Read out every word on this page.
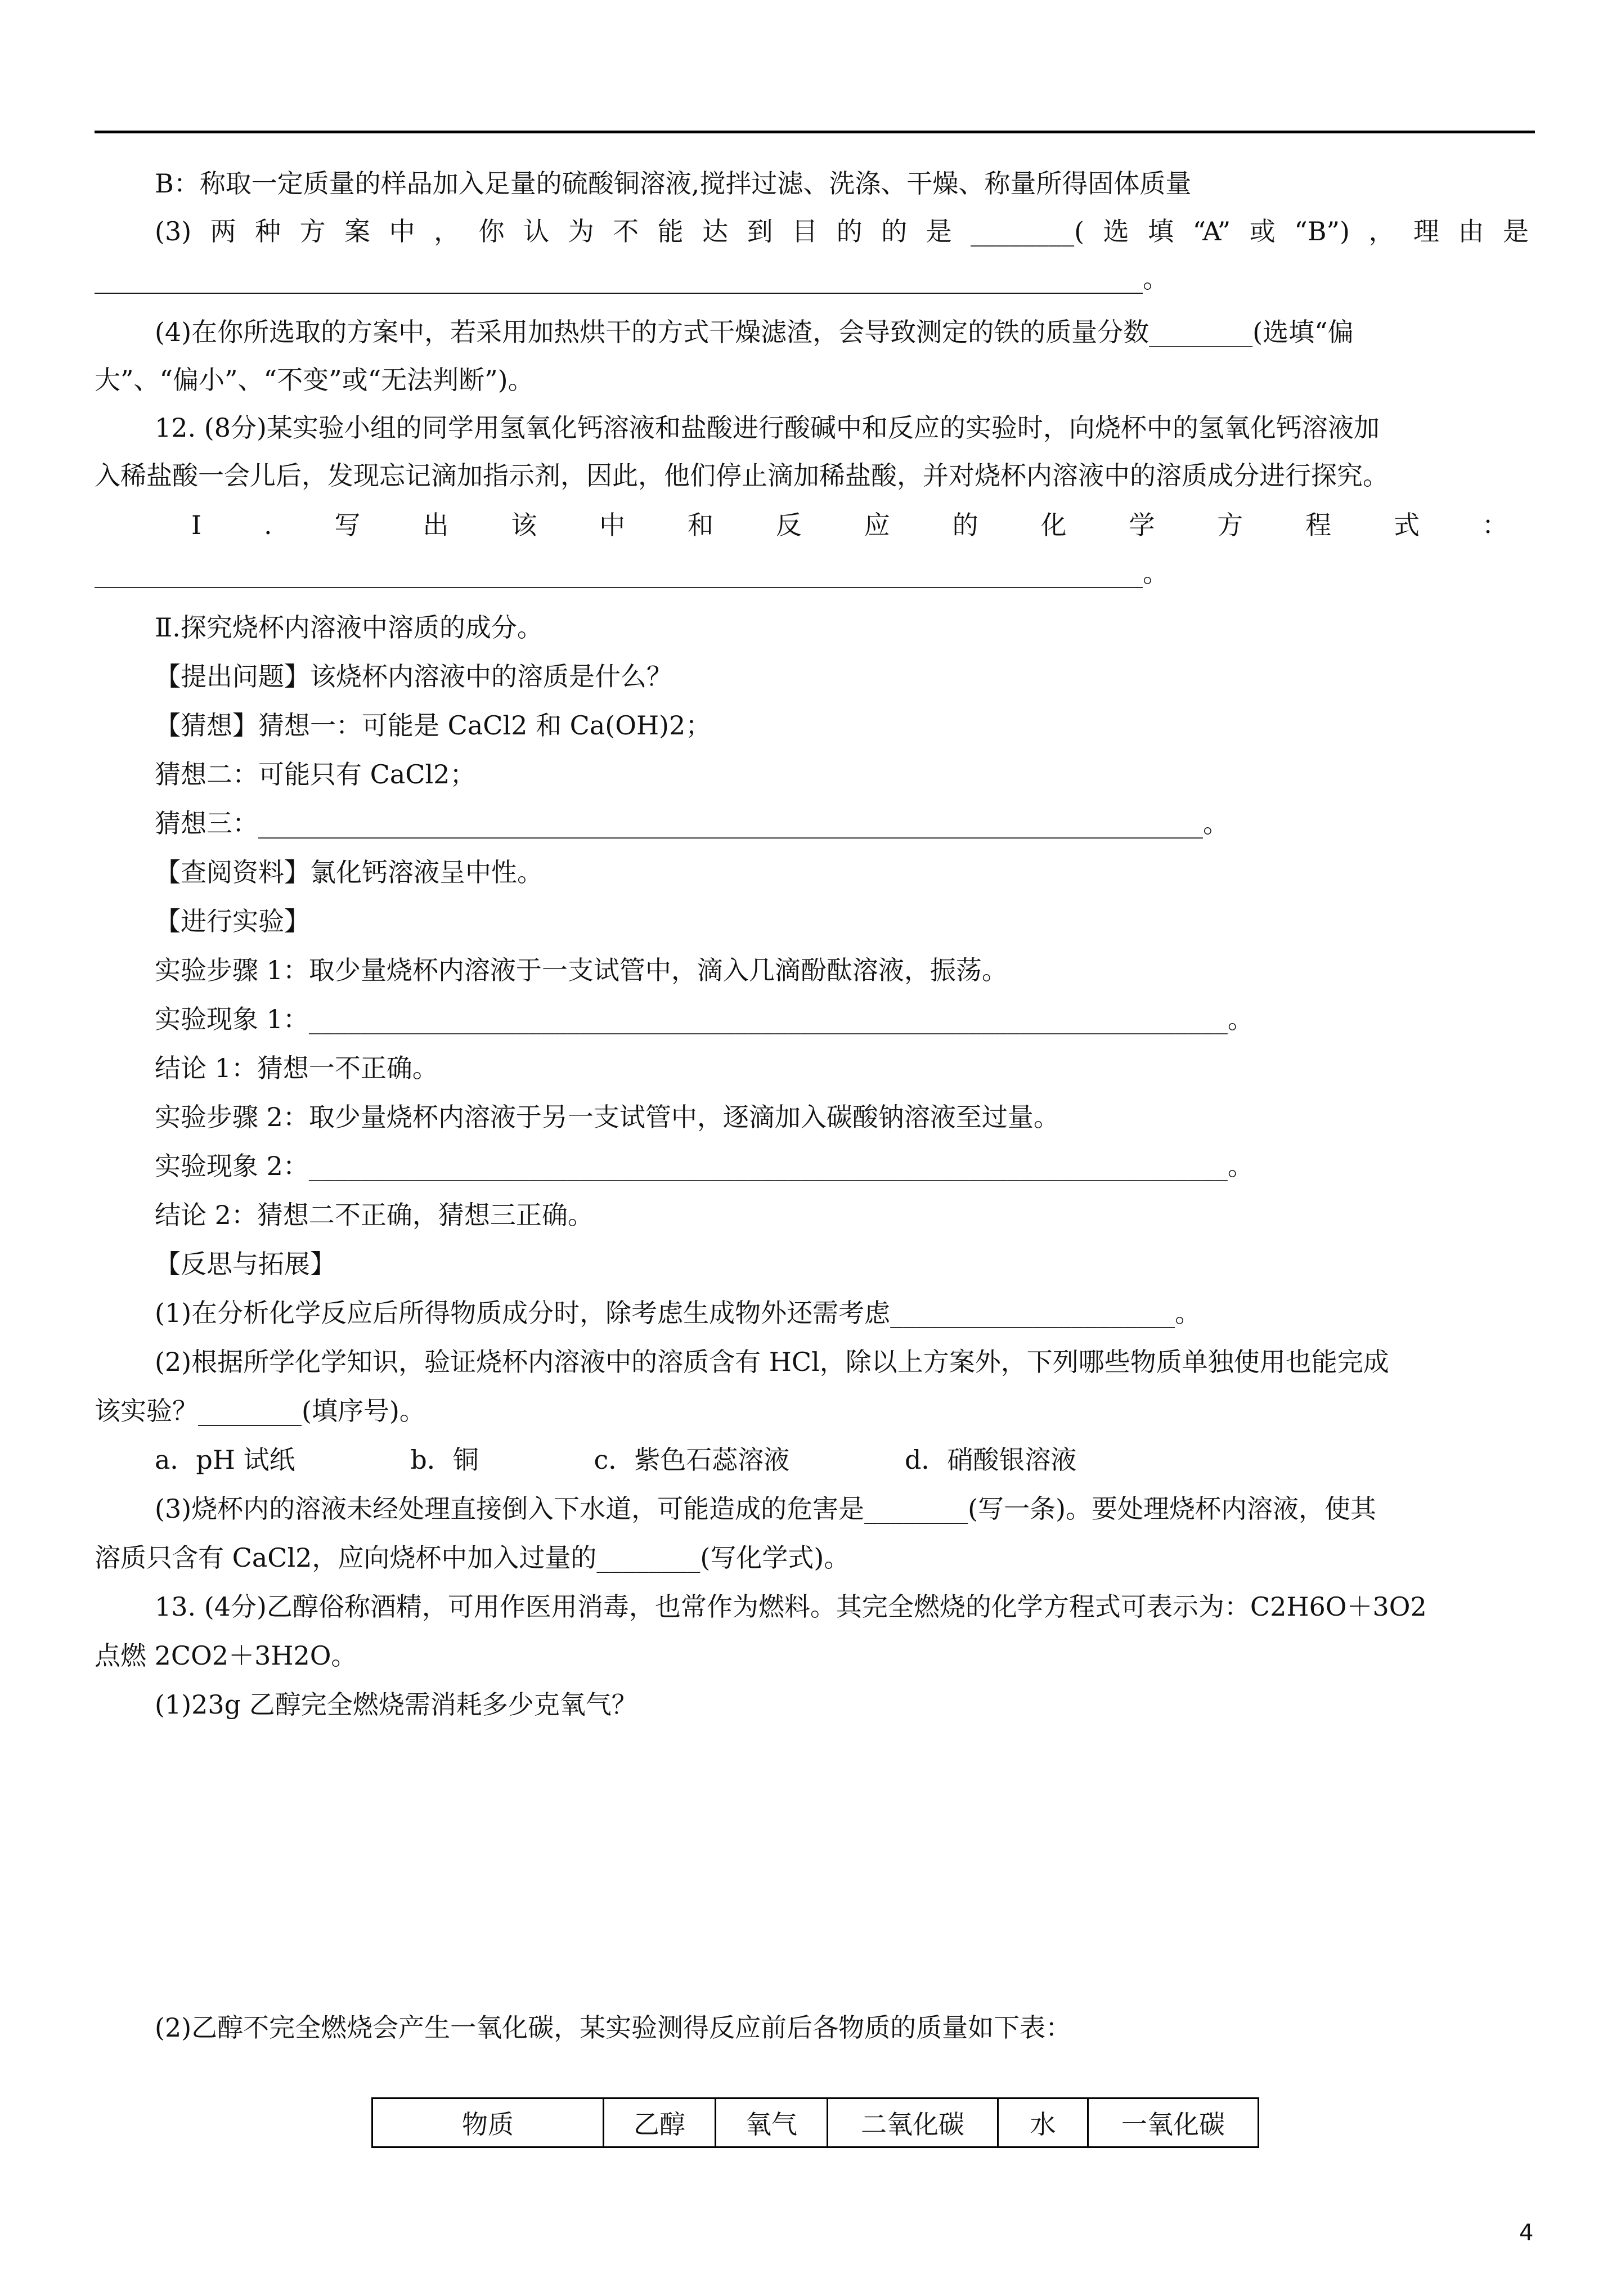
B：称取一定质量的样品加入足量的硫酸铜溶液,搅拌过滤、洗涤、干燥、称量所得固体质量
(3) 两 种 方 案 中 ， 你 认 为 不 能 达 到 目 的 的 是 ________( 选 填 “A” 或 “B”) ， 理 由 是
_________________________________________________________________________________。
(4)在你所选取的方案中，若采用加热烘干的方式干燥滤渣，会导致测定的铁的质量分数________(选填“偏
大”、“偏小”、“不变”或“无法判断”)。
12. (8分)某实验小组的同学用氢氧化钙溶液和盐酸进行酸碱中和反应的实验时，向烧杯中的氢氧化钙溶液加
入稀盐酸一会儿后，发现忘记滴加指示剂，因此，他们停止滴加稀盐酸，并对烧杯内溶液中的溶质成分进行探究。
Ⅰ . 写 出 该 中 和 反 应 的 化 学 方 程 式 ：
_________________________________________________________________________________。
Ⅱ.探究烧杯内溶液中溶质的成分。
【提出问题】该烧杯内溶液中的溶质是什么？
【猜想】猜想一：可能是 CaCl2 和 Ca(OH)2；
猜想二：可能只有 CaCl2；
猜想三：_________________________________________________________________________。
【查阅资料】氯化钙溶液呈中性。
【进行实验】
实验步骤 1：取少量烧杯内溶液于一支试管中，滴入几滴酚酞溶液，振荡。
实验现象 1：_______________________________________________________________________。
结论 1：猜想一不正确。
实验步骤 2：取少量烧杯内溶液于另一支试管中，逐滴加入碳酸钠溶液至过量。
实验现象 2：_______________________________________________________________________。
结论 2：猜想二不正确，猜想三正确。
【反思与拓展】
(1)在分析化学反应后所得物质成分时，除考虑生成物外还需考虑______________________。
(2)根据所学化学知识，验证烧杯内溶液中的溶质含有 HCl，除以上方案外，下列哪些物质单独使用也能完成
该实验？________(填序号)。
a．pH 试纸              b．铜              c．紫色石蕊溶液              d．硝酸银溶液
(3)烧杯内的溶液未经处理直接倒入下水道，可能造成的危害是________(写一条)。要处理烧杯内溶液，使其
溶质只含有 CaCl2，应向烧杯中加入过量的________(写化学式)。
13. (4分)乙醇俗称酒精，可用作医用消毒，也常作为燃料。其完全燃烧的化学方程式可表示为：C2H6O＋3O2
点燃 2CO2＋3H2O。
(1)23g 乙醇完全燃烧需消耗多少克氧气？
(2)乙醇不完全燃烧会产生一氧化碳，某实验测得反应前后各物质的质量如下表：
物质	乙醇	氧气	二氧化碳	水	一氧化碳
4
